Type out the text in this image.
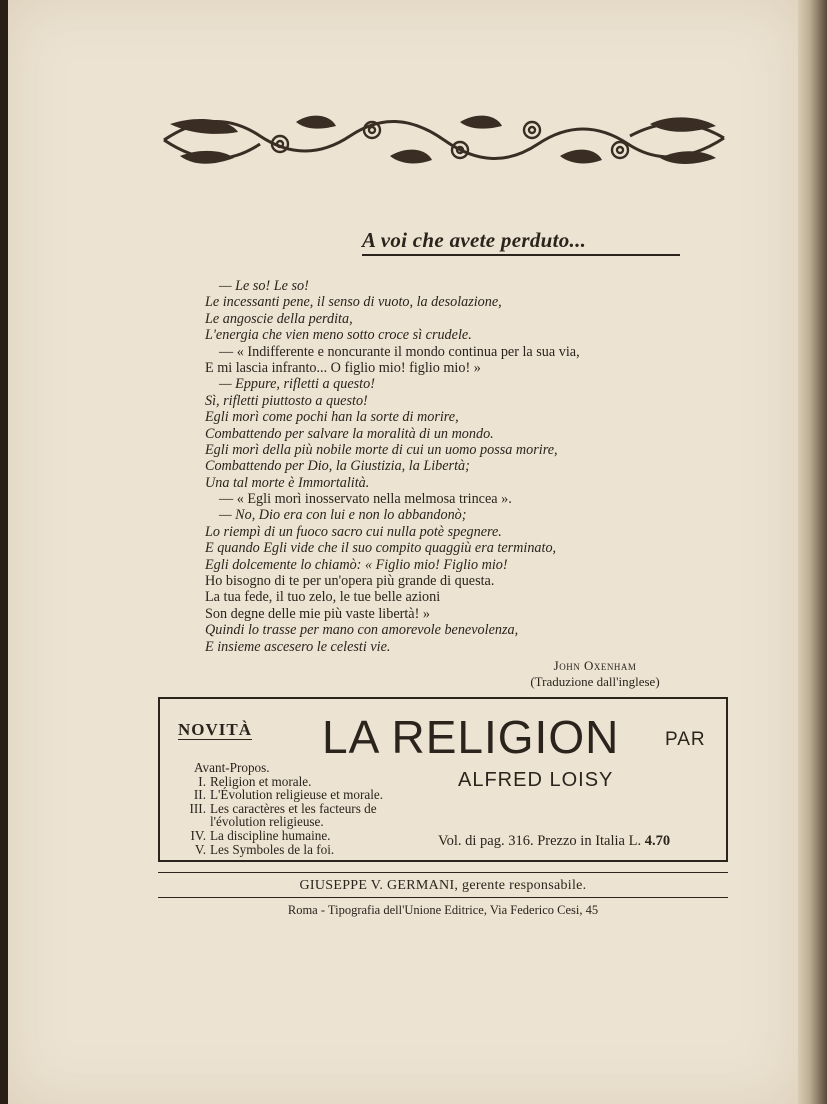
A voi che avete perduto...
— Le so! Le so!
Le incessanti pene, il senso di vuoto, la desolazione,
Le angoscie della perdita,
L'energia che vien meno sotto croce sì crudele.
— « Indifferente e noncurante il mondo continua per la sua via,
E mi lascia infranto... O figlio mio! figlio mio! »
— Eppure, rifletti a questo!
Sì, rifletti piuttosto a questo!
Egli morì come pochi han la sorte di morire,
Combattendo per salvare la moralità di un mondo.
Egli morì della più nobile morte di cui un uomo possa morire,
Combattendo per Dio, la Giustizia, la Libertà;
Una tal morte è Immortalità.
— « Egli morì inosservato nella melmosa trincea ».
— No, Dio era con lui e non lo abbandonò;
Lo riempì di un fuoco sacro cui nulla potè spegnere.
E quando Egli vide che il suo compito quaggiù era terminato,
Egli dolcemente lo chiamò: « Figlio mio! Figlio mio!
Ho bisogno di te per un'opera più grande di questa.
La tua fede, il tuo zelo, le tue belle azioni
Son degne delle mie più vaste libertà! »
Quindi lo trasse per mano con amorevole benevolenza,
E insieme ascesero le celesti vie.
John Oxenham
(Traduzione dall'inglese)
NOVITÀ LA RELIGION PAR
ALFRED LOISY
Avant-Propos.
I. Religion et morale.
II. L'Évolution religieuse et morale.
III. Les caractères et les facteurs de
l'évolution religieuse.
IV. La discipline humaine.
V. Les Symboles de la foi.
Vol. di pag. 316. Prezzo in Italia L. 4.70
GIUSEPPE V. GERMANI, gerente responsabile.
Roma - Tipografia dell'Unione Editrice, Via Federico Cesi, 45
